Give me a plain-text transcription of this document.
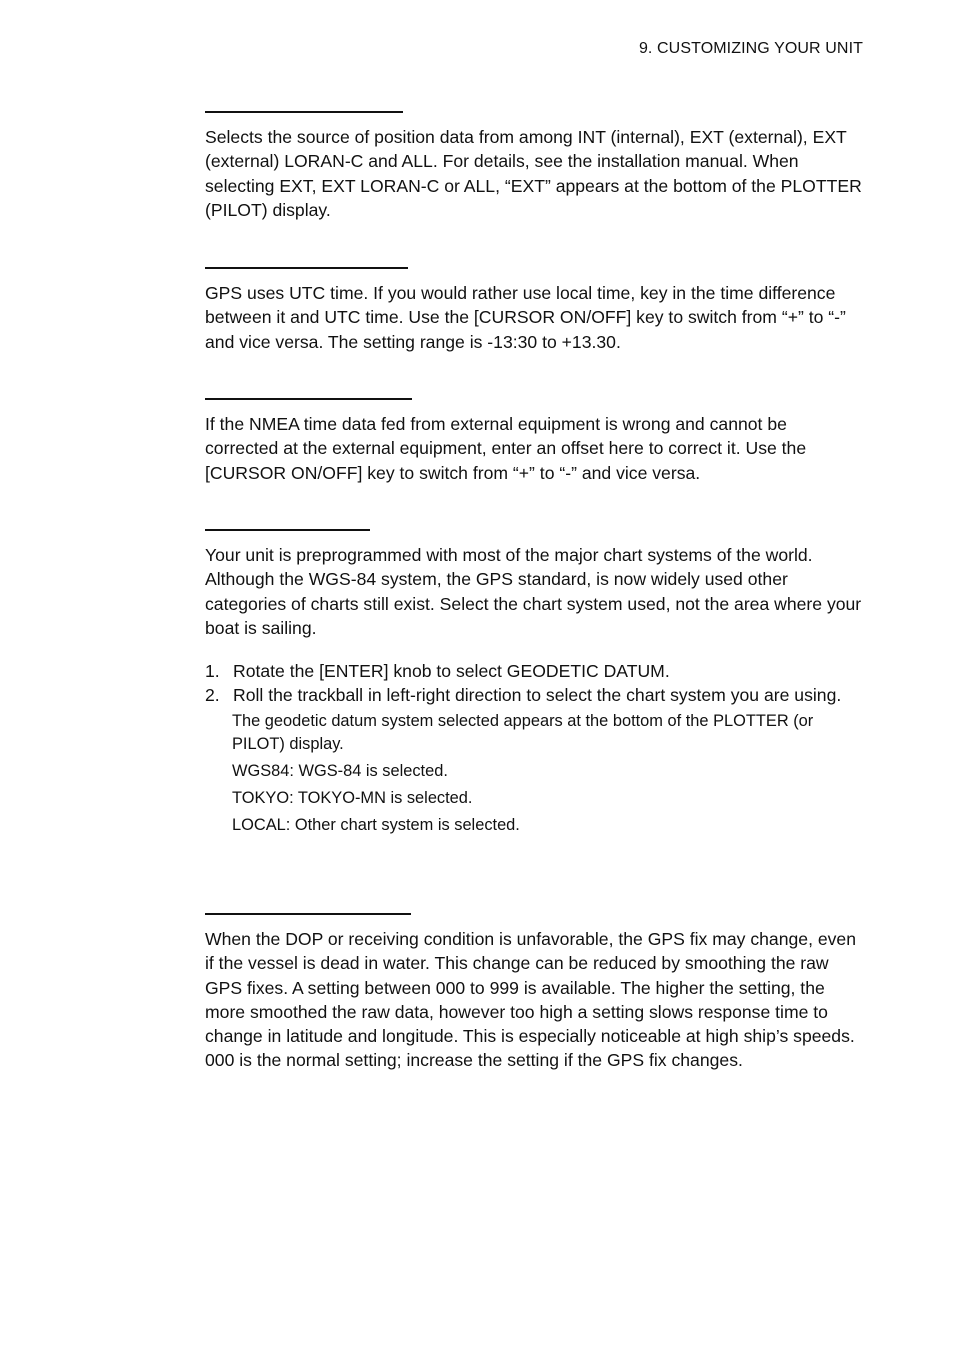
9. CUSTOMIZING YOUR UNIT

Selects the source of position data from among INT (internal), EXT (external), EXT (external) LORAN-C and ALL. For details, see the installation manual. When selecting EXT, EXT LORAN-C or ALL, “EXT” appears at the bottom of the PLOTTER (PILOT) display.

GPS uses UTC time. If you would rather use local time, key in the time difference between it and UTC time. Use the [CURSOR ON/OFF] key to switch from “+” to “-” and vice versa. The setting range is -13:30 to +13.30.

If the NMEA time data fed from external equipment is wrong and cannot be corrected at the external equipment, enter an offset here to correct it. Use the [CURSOR ON/OFF] key to switch from “+” to “-” and vice versa.

Your unit is preprogrammed with most of the major chart systems of the world. Although the WGS-84 system, the GPS standard, is now widely used other categories of charts still exist. Select the chart system used, not the area where your boat is sailing.

1. Rotate the [ENTER] knob to select GEODETIC DATUM.
2. Roll the trackball in left-right direction to select the chart system you are using.

The geodetic datum system selected appears at the bottom of the PLOTTER (or PILOT) display.

WGS84: WGS-84 is selected.

TOKYO: TOKYO-MN is selected.

LOCAL: Other chart system is selected.

When the DOP or receiving condition is unfavorable, the GPS fix may change, even if the vessel is dead in water. This change can be reduced by smoothing the raw GPS fixes. A setting between 000 to 999 is available. The higher the setting, the more smoothed the raw data, however too high a setting slows response time to change in latitude and longitude. This is especially noticeable at high ship’s speeds. 000 is the normal setting; increase the setting if the GPS fix changes.
